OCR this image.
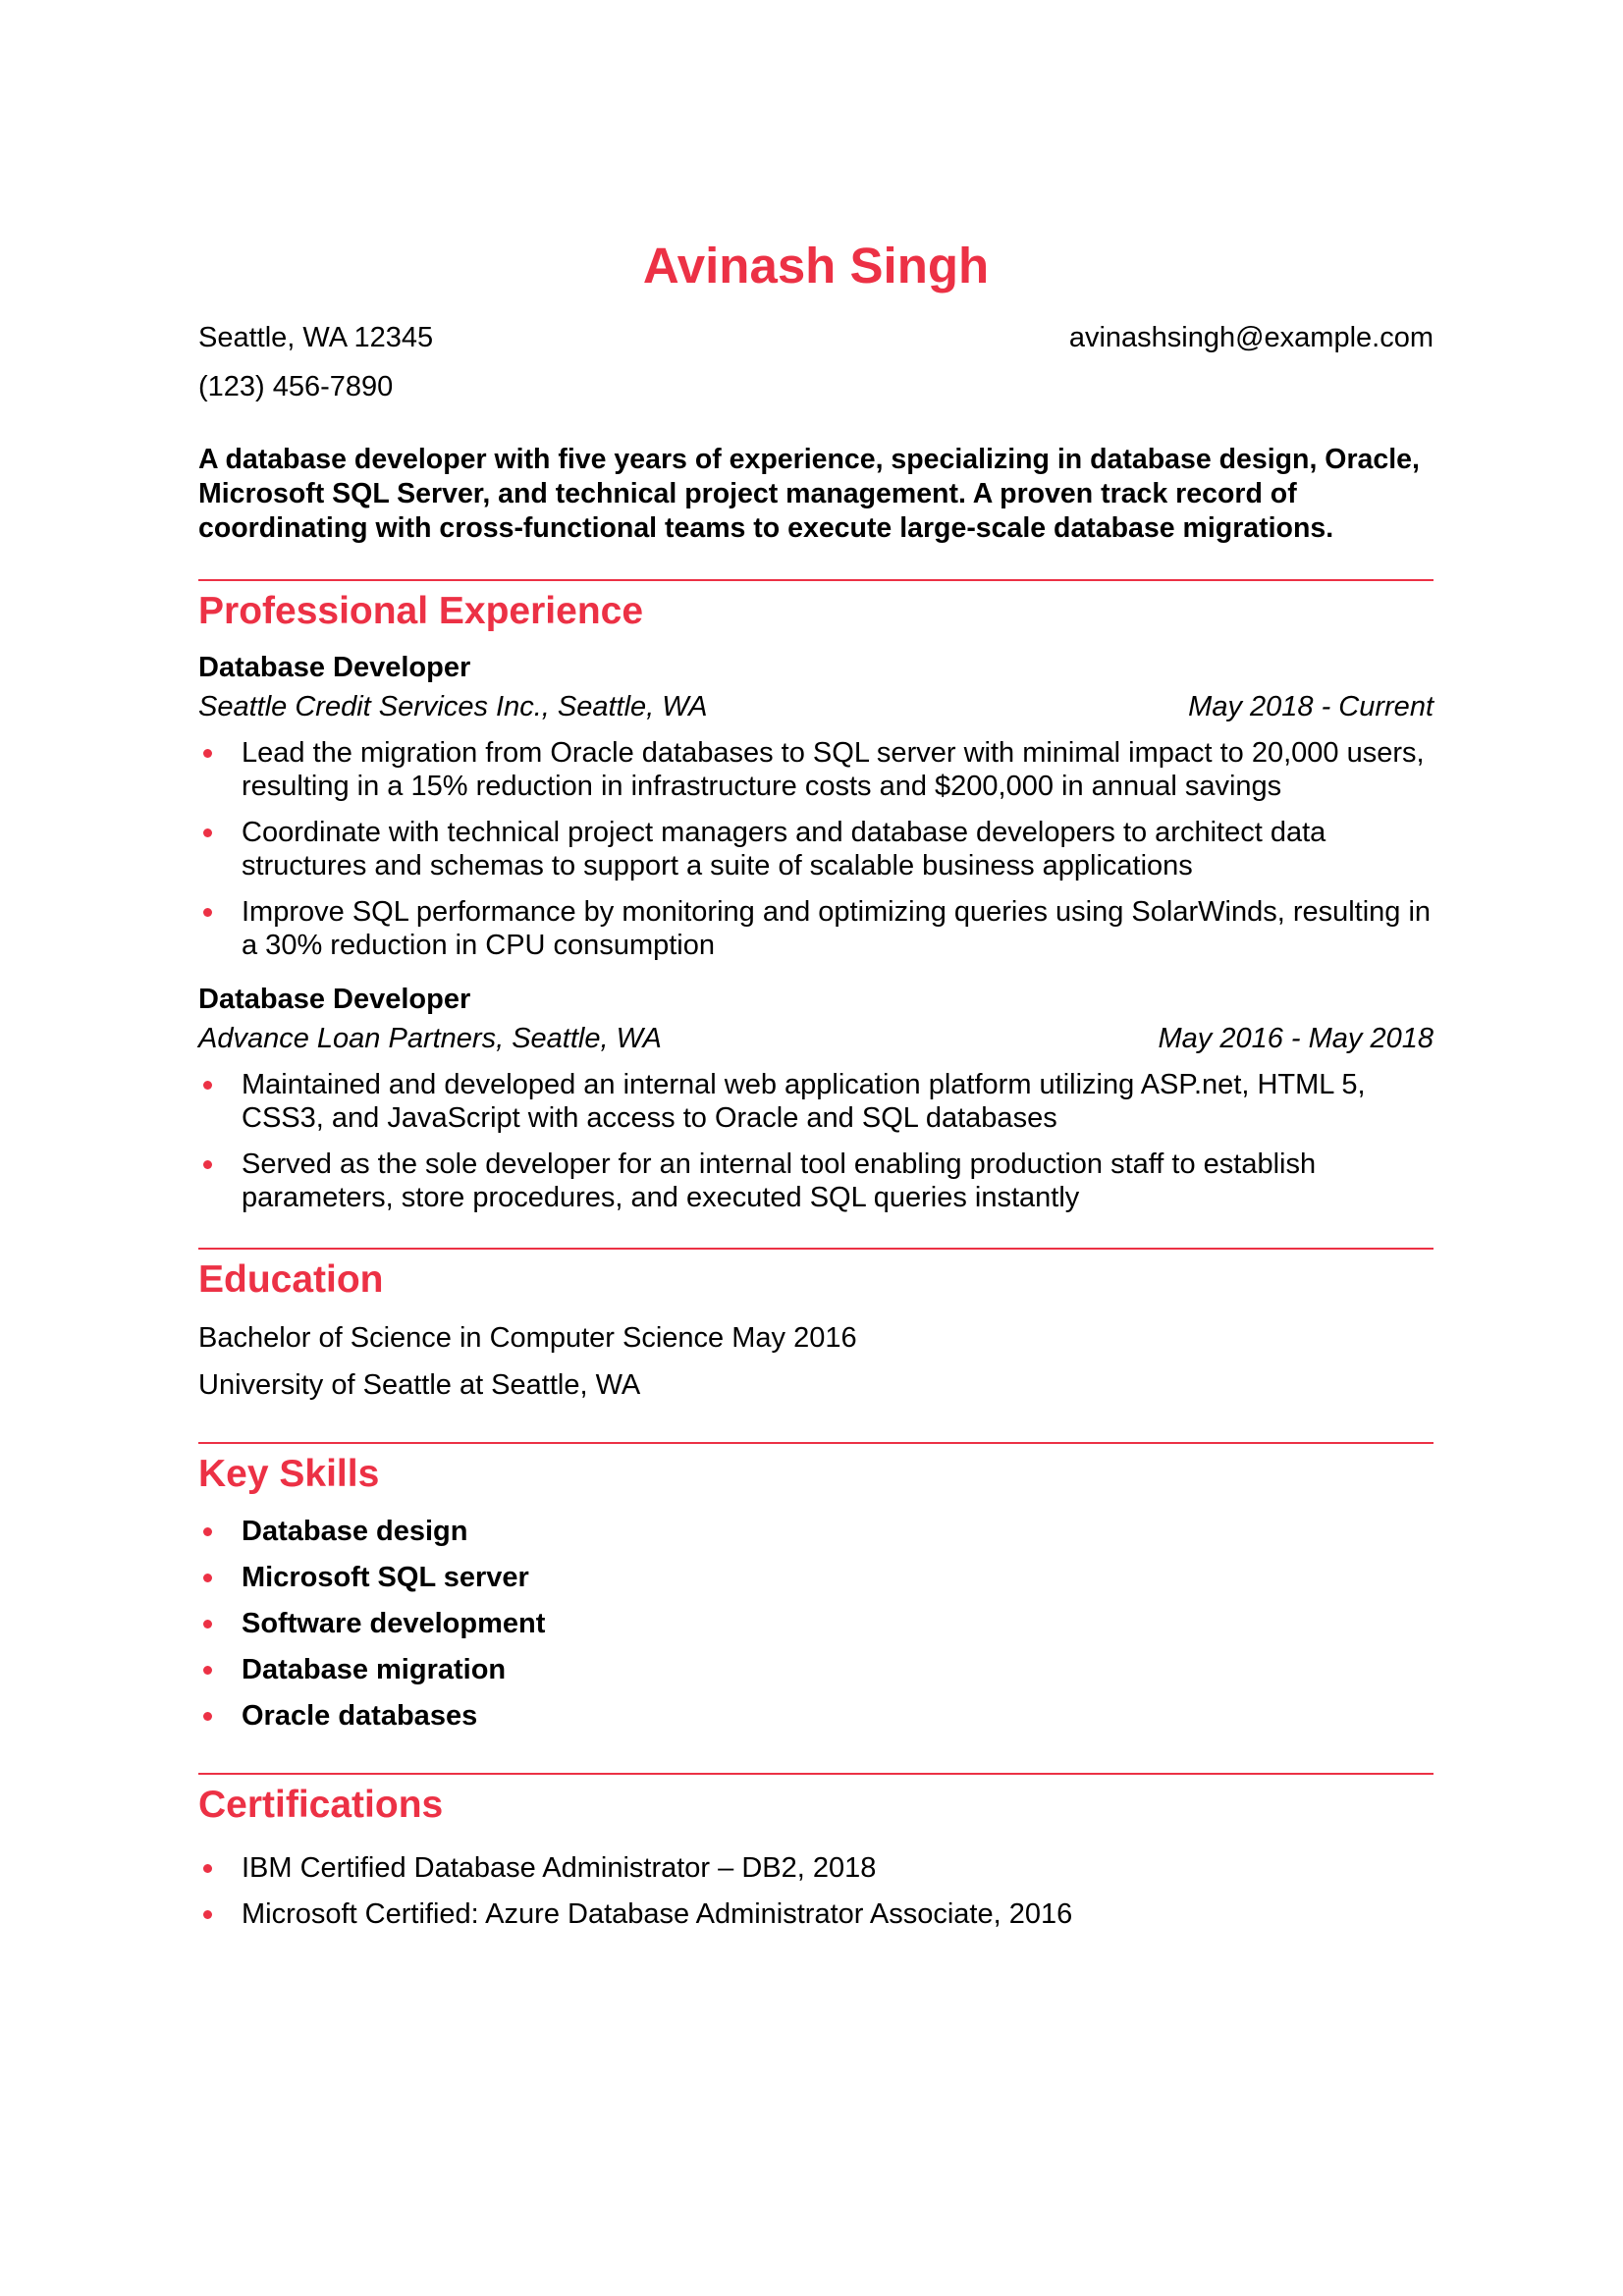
Avinash Singh
Seattle, WA 12345	avinashsingh@example.com
(123) 456-7890
A database developer with five years of experience, specializing in database design, Oracle, Microsoft SQL Server, and technical project management. A proven track record of coordinating with cross-functional teams to execute large-scale database migrations.
Professional Experience
Database Developer
Seattle Credit Services Inc., Seattle, WA	May 2018 - Current
Lead the migration from Oracle databases to SQL server with minimal impact to 20,000 users, resulting in a 15% reduction in infrastructure costs and $200,000 in annual savings
Coordinate with technical project managers and database developers to architect data structures and schemas to support a suite of scalable business applications
Improve SQL performance by monitoring and optimizing queries using SolarWinds, resulting in a 30% reduction in CPU consumption
Database Developer
Advance Loan Partners, Seattle, WA	May 2016 - May 2018
Maintained and developed an internal web application platform utilizing ASP.net, HTML 5, CSS3, and JavaScript with access to Oracle and SQL databases
Served as the sole developer for an internal tool enabling production staff to establish parameters, store procedures, and executed SQL queries instantly
Education
Bachelor of Science in Computer Science May 2016
University of Seattle at Seattle, WA
Key Skills
Database design
Microsoft SQL server
Software development
Database migration
Oracle databases
Certifications
IBM Certified Database Administrator – DB2, 2018
Microsoft Certified: Azure Database Administrator Associate, 2016
